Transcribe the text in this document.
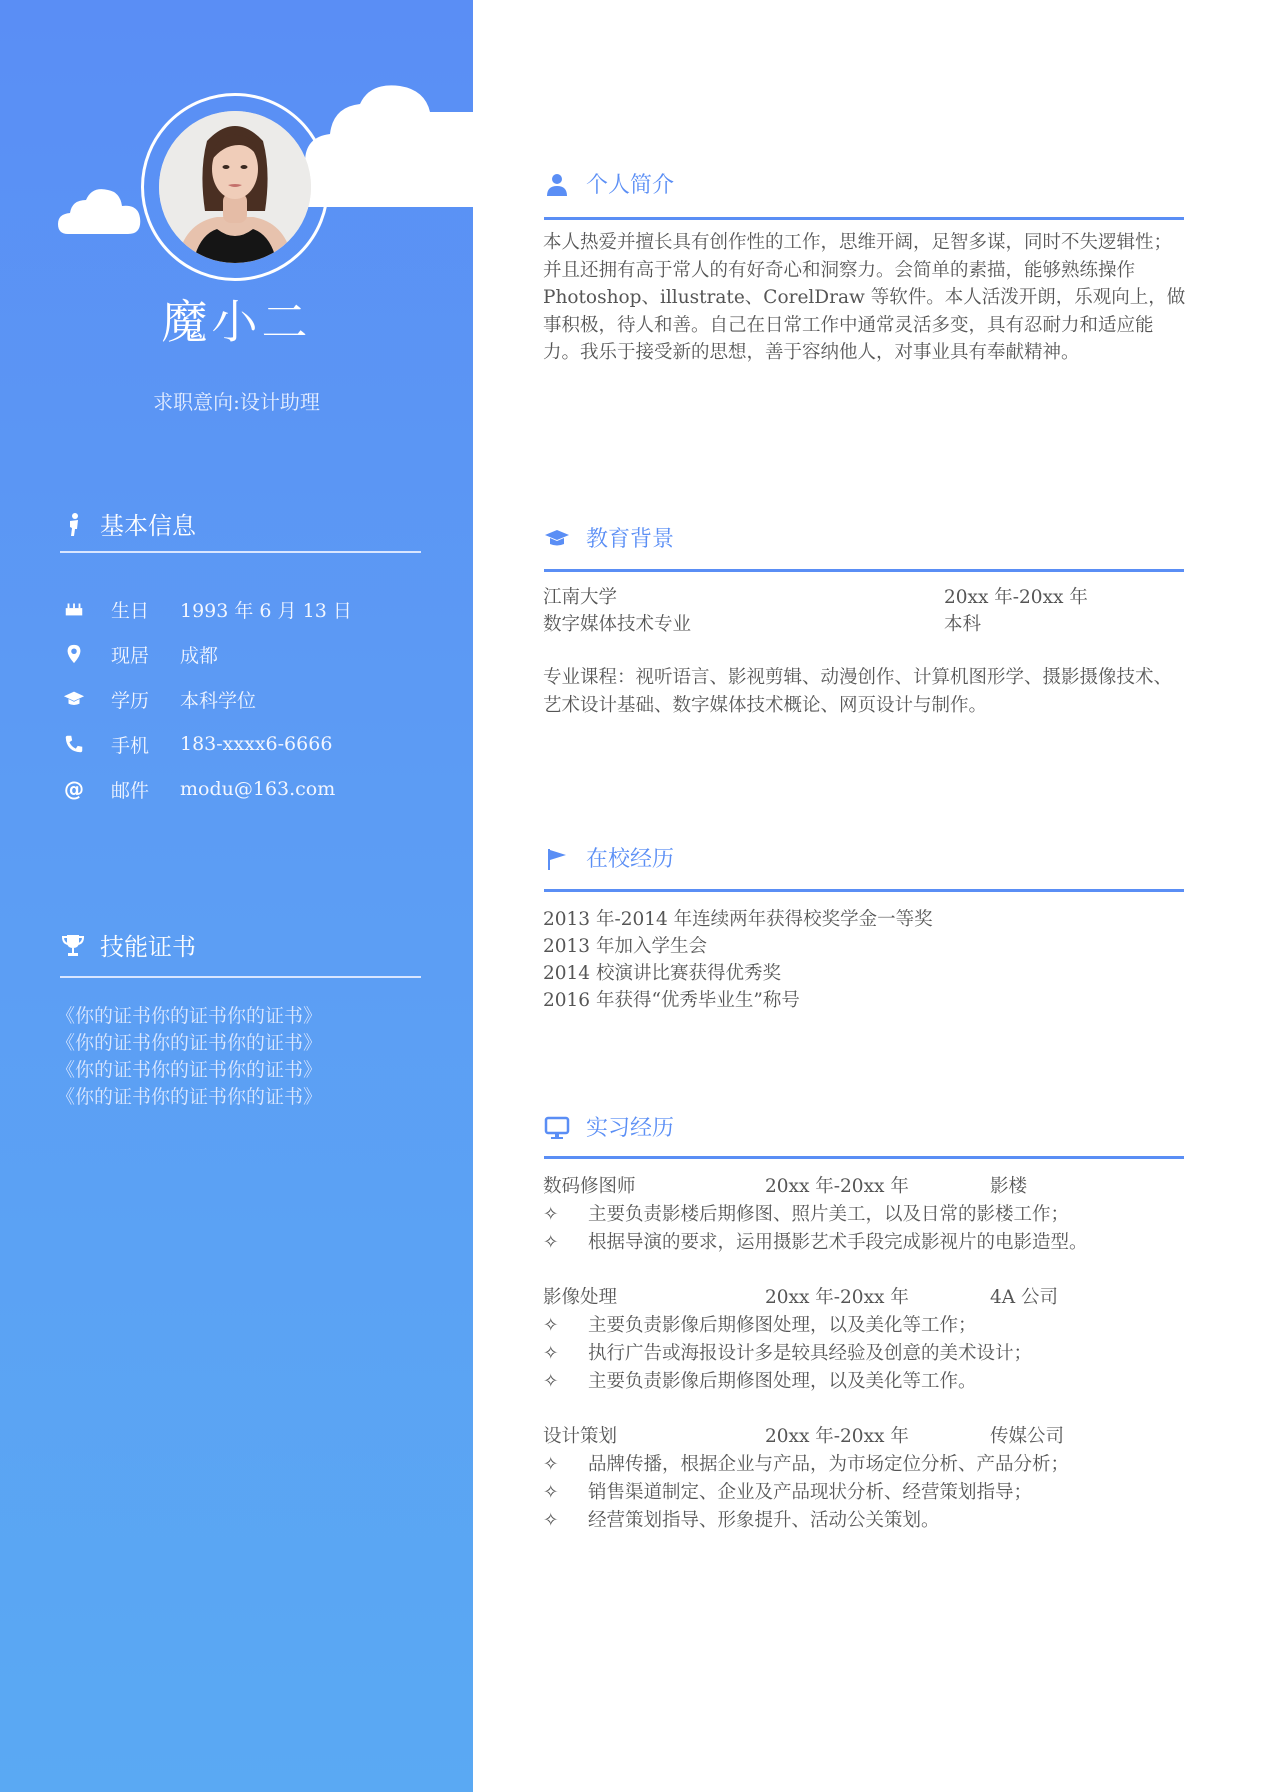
魔小二
求职意向:设计助理
基本信息
生日	1993 年 6 月 13 日
现居	成都
学历	本科学位
手机	183-xxxx6-6666
@ 邮件	modu@163.com
技能证书
《你的证书你的证书你的证书》
《你的证书你的证书你的证书》
《你的证书你的证书你的证书》
《你的证书你的证书你的证书》
个人简介
本人热爱并擅长具有创作性的工作，思维开阔，足智多谋，同时不失逻辑性；并且还拥有高于常人的有好奇心和洞察力。会简单的素描，能够熟练操作 Photoshop、illustrate、CorelDraw 等软件。本人活泼开朗，乐观向上，做事积极，待人和善。自己在日常工作中通常灵活多变，具有忍耐力和适应能力。我乐于接受新的思想，善于容纳他人，对事业具有奉献精神。
教育背景
江南大学	20xx 年-20xx 年
数字媒体技术专业	本科
专业课程：视听语言、影视剪辑、动漫创作、计算机图形学、摄影摄像技术、艺术设计基础、数字媒体技术概论、网页设计与制作。
在校经历
2013 年-2014 年连续两年获得校奖学金一等奖
2013 年加入学生会
2014 校演讲比赛获得优秀奖
2016 年获得“优秀毕业生”称号
实习经历
数码修图师	20xx 年-20xx 年	影楼
✧ 主要负责影楼后期修图、照片美工，以及日常的影楼工作；
✧ 根据导演的要求，运用摄影艺术手段完成影视片的电影造型。
影像处理	20xx 年-20xx 年	4A 公司
✧ 主要负责影像后期修图处理，以及美化等工作；
✧ 执行广告或海报设计多是较具经验及创意的美术设计；
✧ 主要负责影像后期修图处理，以及美化等工作。
设计策划	20xx 年-20xx 年	传媒公司
✧ 品牌传播，根据企业与产品，为市场定位分析、产品分析；
✧ 销售渠道制定、企业及产品现状分析、经营策划指导；
✧ 经营策划指导、形象提升、活动公关策划。
